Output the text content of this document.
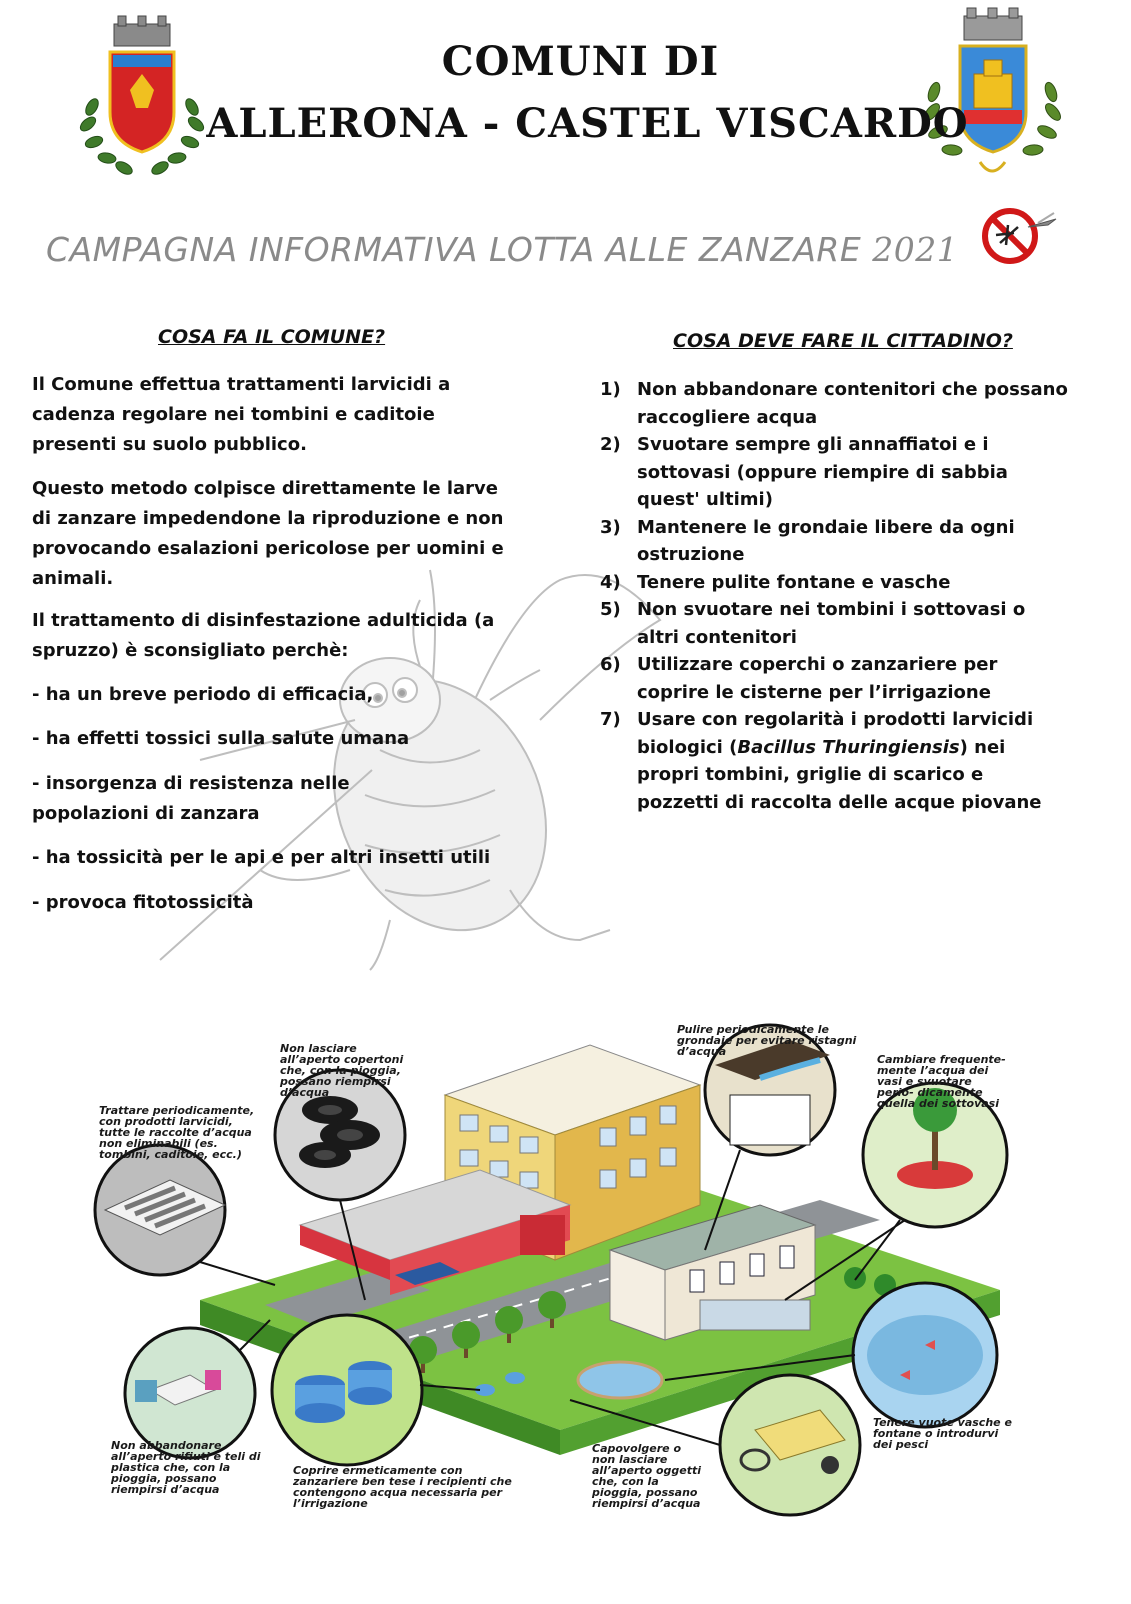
COMUNI DI
ALLERONA - CASTEL VISCARDO
CAMPAGNA INFORMATIVA LOTTA ALLE ZANZARE 2021
COSA FA IL COMUNE?

Il Comune effettua trattamenti larvicidi a cadenza regolare nei tombini e caditoie presenti su suolo pubblico.

Questo metodo colpisce direttamente le larve di zanzare impedendone la riproduzione e non provocando esalazioni pericolose per uomini e animali.

Il trattamento di disinfestazione adulticida (a spruzzo) è sconsigliato perchè:

- ha un breve periodo di efficacia,

- ha effetti tossici sulla salute umana

- insorgenza di resistenza nelle popolazioni di zanzara

- ha tossicità per le api e per altri insetti utili

- provoca fitotossicità

COSA DEVE FARE IL CITTADINO?
1) Non abbandonare contenitori che possano raccogliere acqua
2) Svuotare sempre gli annaffiatoi e i sottovasi (oppure riempire di sabbia quest' ultimi)
3) Mantenere le grondaie libere da ogni ostruzione
4) Tenere pulite fontane e vasche
5) Non svuotare nei tombini i sottovasi o altri contenitori
6) Utilizzare coperchi o zanzariere per coprire le cisterne per l’irrigazione
7) Usare con regolarità i prodotti larvicidi biologici (Bacillus Thuringiensis) nei propri tombini, griglie di scarico e pozzetti di raccolta delle acque piovane
Non lasciare all’aperto copertoni che, con la pioggia, possano riempirsi d’acqua
Pulire periodicamente le grondaie per evitare ristagni d’acqua
Cambiare frequente- mente l’acqua dei vasi e svuotare perio- dicamente quella dei sottovasi
Trattare periodicamente, con prodotti larvicidi, tutte le raccolte d’acqua non eliminabili (es. tombini, caditoie, ecc.)
Non abbandonare all’aperto rifiuti e teli di plastica che, con la pioggia, possano riempirsi d’acqua
Coprire ermeticamente con zanzariere ben tese i recipienti che contengono acqua necessaria per l’irrigazione
Capovolgere o non lasciare all’aperto oggetti che, con la pioggia, possano riempirsi d’acqua
Tenere vuote vasche e fontane o introdurvi dei pesci
